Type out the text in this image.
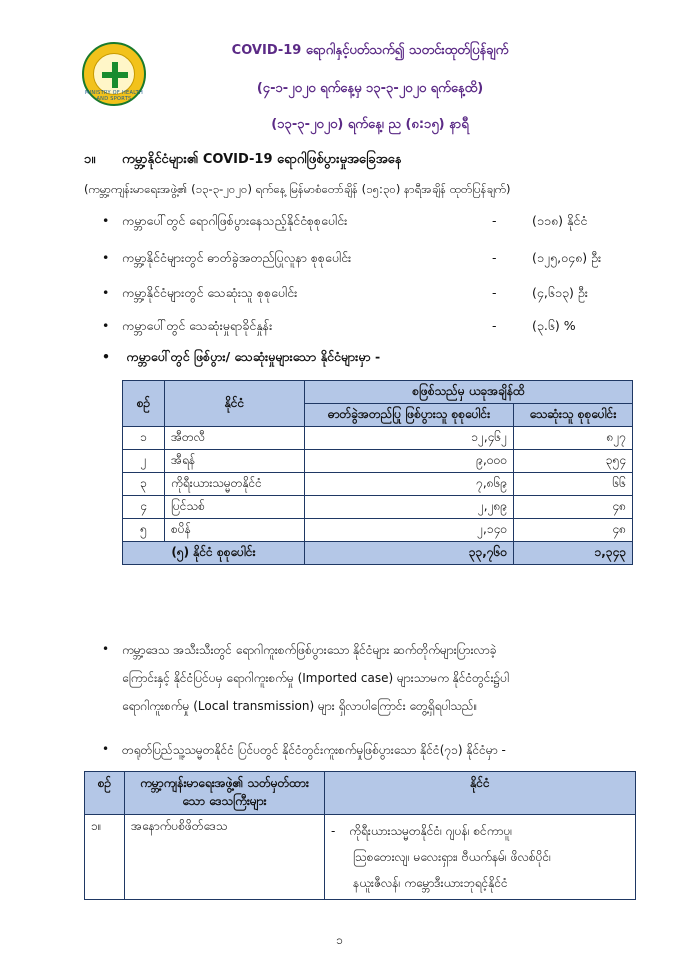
MINISTRY OF HEALTH AND SPORTS
COVID-19 ရောဂါနှင့်ပတ်သက်၍ သတင်းထုတ်ပြန်ချက်
(၄-၁-၂၀၂၀ ရက်နေ့မှ ၁၃-၃-၂၀၂၀ ရက်နေ့ထိ)
(၁၃-၃-၂၀၂၀) ရက်နေ့၊ ည (၈:၁၅) နာရီ
၁။ ကမ္ဘာ့နိုင်ငံများ၏ COVID-19 ရောဂါဖြစ်ပွားမှုအခြေအနေ
(ကမ္ဘာ့ကျန်းမာရေးအဖွဲ့၏ (၁၃-၃-၂၀၂၀) ရက်နေ့ မြန်မာစံတော်ချိန် (၁၅:၃၀) နာရီအချိန် ထုတ်ပြန်ချက်)
• ကမ္ဘာပေါ်တွင် ရောဂါဖြစ်ပွားနေသည့်နိုင်ငံစုစုပေါင်း	-	(၁၁၈) နိုင်ငံ
• ကမ္ဘာ့နိုင်ငံများတွင် ဓာတ်ခွဲအတည်ပြုလူနာ စုစုပေါင်း	-	(၁၂၅,၀၄၈) ဦး
• ကမ္ဘာ့နိုင်ငံများတွင် သေဆုံးသူ စုစုပေါင်း	-	(၄,၆၁၃) ဦး
• ကမ္ဘာပေါ်တွင် သေဆုံးမှုရာခိုင်နှုန်း	-	(၃.၆) %
• ကမ္ဘာပေါ်တွင် ဖြစ်ပွား/ သေဆုံးမှုများသော နိုင်ငံများမှာ -
စဉ်	နိုင်ငံ	စဖြစ်သည်မှ ယခုအချိန်ထိ	
		ဓာတ်ခွဲအတည်ပြု ဖြစ်ပွားသူ စုစုပေါင်း	သေဆုံးသူ စုစုပေါင်း
၁	အီတလီ	၁၂,၄၆၂	၈၂၇
၂	အီရန်	၉,၀၀၀	၃၅၄
၃	ကိုရီးယားသမ္မတနိုင်ငံ	၇,၈၆၉	၆၆
၄	ပြင်သစ်	၂,၂၈၉	၄၈
၅	စပိန်	၂,၁၄၀	၄၈
(၅) နိုင်ငံ စုစုပေါင်း		၃၃,၇၆၀	၁,၃၄၃
• ကမ္ဘာ့ဒေသ အသီးသီးတွင် ရောဂါကူးစက်ဖြစ်ပွားသော နိုင်ငံများ ဆက်တိုက်များပြားလာခဲ့
ကြောင်းနှင့် နိုင်ငံပြင်ပမှ ရောဂါကူးစက်မှု (Imported case) များသာမက နိုင်ငံတွင်း၌ပါ
ရောဂါကူးစက်မှု (Local transmission) များ ရှိလာပါကြောင်း တွေ့ရှိရပါသည်။
• တရုတ်ပြည်သူ့သမ္မတနိုင်ငံ ပြင်ပတွင် နိုင်ငံတွင်းကူးစက်မှုဖြစ်ပွားသော နိုင်ငံ(၇၁) နိုင်ငံမှာ -
စဉ်	ကမ္ဘာ့ကျန်းမာရေးအဖွဲ့၏ သတ်မှတ်ထားသော ဒေသကြီးများ	နိုင်ငံ
၁။	အနောက်ပစိဖိတ်ဒေသ	- ကိုရီးယားသမ္မတနိုင်ငံ၊ ဂျပန်၊ စင်ကာပူ၊
သြစတေးလျ၊ မလေးရှား၊ ဗီယက်နမ်၊ ဖိလစ်ပိုင်၊
နယူးဇီလန်၊ ကမ္ဘောဒီးယားဘုရင့်နိုင်ငံ
၁
